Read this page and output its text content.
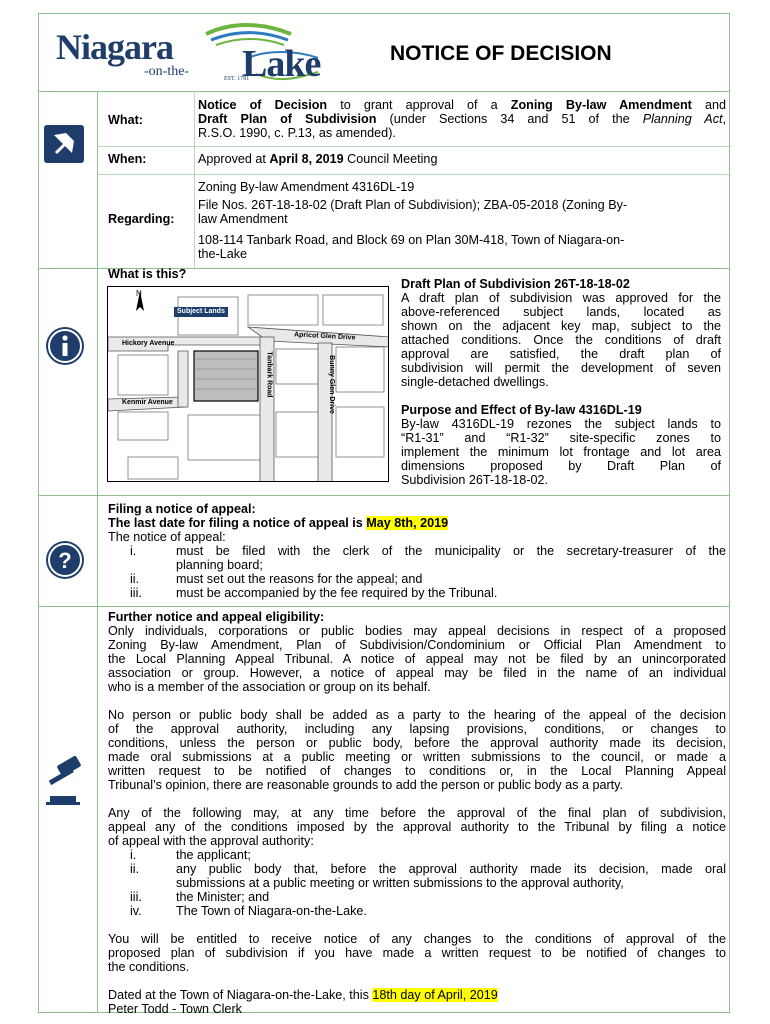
Niagara Lake
-on-the-	EST. 1781
NOTICE OF DECISION
?
What:
Notice of Decision to grant approval of a Zoning By-law Amendment and
Draft Plan of Subdivision (under Sections 34 and 51 of the Planning Act,
R.S.O. 1990, c. P.13, as amended).
When:	Approved at April 8, 2019 Council Meeting
Regarding:
Zoning By-law Amendment 4316DL-19
File Nos. 26T-18-18-02 (Draft Plan of Subdivision); ZBA-05-2018 (Zoning By-
law Amendment
108-114 Tanbark Road, and Block 69 on Plan 30M-418, Town of Niagara-on-
the-Lake
What is this?
N
Subject Lands
Hickory Avenue
Apricot Glen Drive
Tanbark Road	Bunny Glen Drive
Kenmir Avenue
Draft Plan of Subdivision 26T-18-18-02
A draft plan of subdivision was approved for the
above-referenced subject lands, located as
shown on the adjacent key map, subject to the
attached conditions. Once the conditions of draft
approval are satisfied, the draft plan of
subdivision will permit the development of seven
single-detached dwellings.
Purpose and Effect of By-law 4316DL-19
By-law 4316DL-19 rezones the subject lands to
“R1-31” and “R1-32” site-specific zones to
implement the minimum lot frontage and lot area
dimensions proposed by Draft Plan of
Subdivision 26T-18-18-02.
Filing a notice of appeal:
The last date for filing a notice of appeal is May 8th, 2019
The notice of appeal:
i.	must be filed with the clerk of the municipality or the secretary-treasurer of the
planning board;
ii.	must set out the reasons for the appeal; and
iii.	must be accompanied by the fee required by the Tribunal.
Further notice and appeal eligibility:
Only individuals, corporations or public bodies may appeal decisions in respect of a proposed
Zoning By-law Amendment, Plan of Subdivision/Condominium or Official Plan Amendment to
the Local Planning Appeal Tribunal. A notice of appeal may not be filed by an unincorporated
association or group. However, a notice of appeal may be filed in the name of an individual
who is a member of the association or group on its behalf.
No person or public body shall be added as a party to the hearing of the appeal of the decision
of the approval authority, including any lapsing provisions, conditions, or changes to
conditions, unless the person or public body, before the approval authority made its decision,
made oral submissions at a public meeting or written submissions to the council, or made a
written request to be notified of changes to conditions or, in the Local Planning Appeal
Tribunal’s opinion, there are reasonable grounds to add the person or public body as a party.
Any of the following may, at any time before the approval of the final plan of subdivision,
appeal any of the conditions imposed by the approval authority to the Tribunal by filing a notice
of appeal with the approval authority:
i.	the applicant;
ii.	any public body that, before the approval authority made its decision, made oral
submissions at a public meeting or written submissions to the approval authority,
iii.	the Minister; and
iv.	The Town of Niagara-on-the-Lake.
You will be entitled to receive notice of any changes to the conditions of approval of the
proposed plan of subdivision if you have made a written request to be notified of changes to
the conditions.
Dated at the Town of Niagara-on-the-Lake, this 18th day of April, 2019
Peter Todd - Town Clerk
